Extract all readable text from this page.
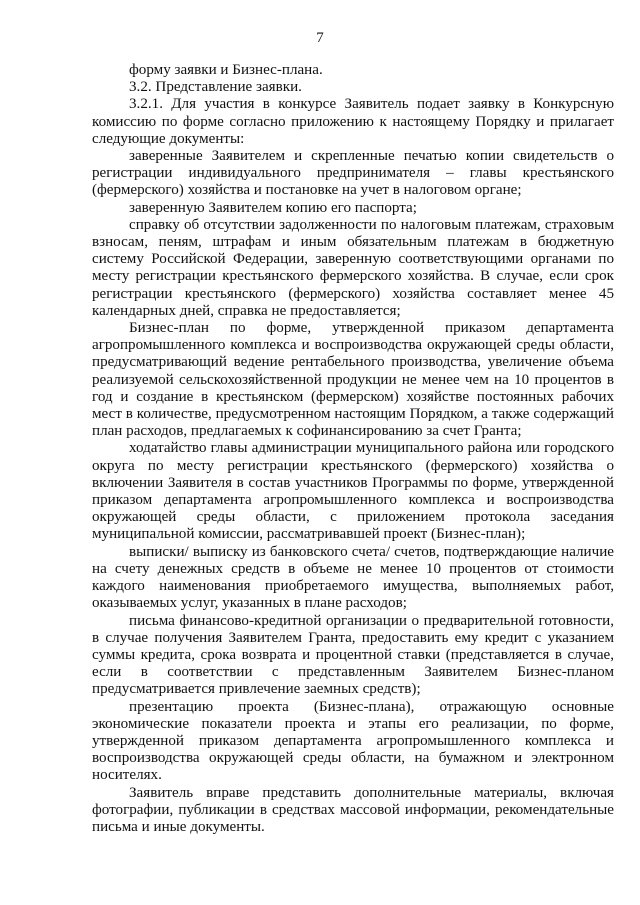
7

форму заявки и Бизнес-плана.

3.2. Представление заявки.

3.2.1. Для участия в конкурсе Заявитель подает заявку в Конкурсную комиссию по форме согласно приложению к настоящему Порядку и прилагает следующие документы:

заверенные Заявителем и скрепленные печатью копии свидетельств о регистрации индивидуального предпринимателя – главы крестьянского (фермерского) хозяйства и постановке на учет в налоговом органе;

заверенную Заявителем копию его паспорта;

справку об отсутствии задолженности по налоговым платежам, страховым взносам, пеням, штрафам и иным обязательным платежам в бюджетную систему Российской Федерации, заверенную соответствующими органами по месту регистрации крестьянского фермерского хозяйства. В случае, если срок регистрации крестьянского (фермерского) хозяйства составляет менее 45 календарных дней, справка не предоставляется;

Бизнес-план по форме, утвержденной приказом департамента агропромышленного комплекса и воспроизводства окружающей среды области, предусматривающий ведение рентабельного производства, увеличение объема реализуемой сельскохозяйственной продукции не менее чем на 10 процентов в год и создание в крестьянском (фермерском) хозяйстве постоянных рабочих мест в количестве, предусмотренном настоящим Порядком, а также содержащий план расходов, предлагаемых к софинансированию за счет Гранта;

ходатайство главы администрации муниципального района или городского округа по месту регистрации крестьянского (фермерского) хозяйства о включении Заявителя в состав участников Программы по форме, утвержденной приказом департамента агропромышленного комплекса и воспроизводства окружающей среды области, с приложением протокола заседания муниципальной комиссии, рассматривавшей проект (Бизнес-план);

выписки/ выписку из банковского счета/ счетов, подтверждающие наличие на счету денежных средств в объеме не менее 10 процентов от стоимости каждого наименования приобретаемого имущества, выполняемых работ, оказываемых услуг, указанных в плане расходов;

письма финансово-кредитной организации о предварительной готовности, в случае получения Заявителем Гранта, предоставить ему кредит с указанием суммы кредита, срока возврата и процентной ставки (представляется в случае, если в соответствии с представленным Заявителем Бизнес-планом предусматривается привлечение заемных средств);

презентацию проекта (Бизнес-плана), отражающую основные экономические показатели проекта и этапы его реализации, по форме, утвержденной приказом департамента агропромышленного комплекса и воспроизводства окружающей среды области, на бумажном и электронном носителях.

Заявитель вправе представить дополнительные материалы, включая фотографии, публикации в средствах массовой информации, рекомендательные письма и иные документы.
